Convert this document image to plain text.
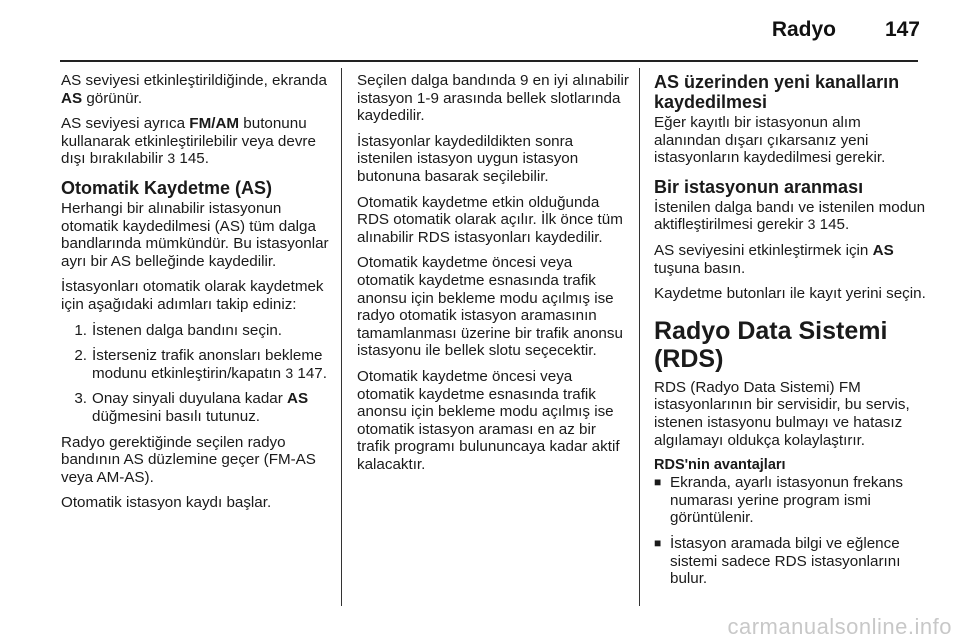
Radyo 147

AS seviyesi etkinleştirildiğinde, ekranda AS görünür.

AS seviyesi ayrıca FM/AM butonunu kullanarak etkinleştirilebilir veya devre dışı bırakılabilir 3 145.

Otomatik Kaydetme (AS)

Herhangi bir alınabilir istasyonun otomatik kaydedilmesi (AS) tüm dalga bandlarında mümkündür. Bu istasyonlar ayrı bir AS belleğinde kaydedilir.

İstasyonları otomatik olarak kaydetmek için aşağıdaki adımları takip ediniz:

1. İstenen dalga bandını seçin.
2. İsterseniz trafik anonsları bekleme modunu etkinleştirin/kapatın 3 147.
3. Onay sinyali duyulana kadar AS düğmesini basılı tutunuz.

Radyo gerektiğinde seçilen radyo bandının AS düzlemine geçer (FM-AS veya AM-AS).

Otomatik istasyon kaydı başlar.

Seçilen dalga bandında 9 en iyi alınabilir istasyon 1-9 arasında bellek slotlarında kaydedilir.

İstasyonlar kaydedildikten sonra istenilen istasyon uygun istasyon butonuna basarak seçilebilir.

Otomatik kaydetme etkin olduğunda RDS otomatik olarak açılır. İlk önce tüm alınabilir RDS istasyonları kaydedilir.

Otomatik kaydetme öncesi veya otomatik kaydetme esnasında trafik anonsu için bekleme modu açılmış ise radyo otomatik istasyon aramasının tamamlanması üzerine bir trafik anonsu istasyonu ile bellek slotu seçecektir.

Otomatik kaydetme öncesi veya otomatik kaydetme esnasında trafik anonsu için bekleme modu açılmış ise otomatik istasyon araması en az bir trafik programı bulununcaya kadar aktif kalacaktır.

AS üzerinden yeni kanalların kaydedilmesi

Eğer kayıtlı bir istasyonun alım alanından dışarı çıkarsanız yeni istasyonların kaydedilmesi gerekir.

Bir istasyonun aranması

İstenilen dalga bandı ve istenilen modun aktifleştirilmesi gerekir 3 145.

AS seviyesini etkinleştirmek için AS tuşuna basın.

Kaydetme butonları ile kayıt yerini seçin.

Radyo Data Sistemi (RDS)

RDS (Radyo Data Sistemi) FM istasyonlarının bir servisidir, bu servis, istenen istasyonu bulmayı ve hatasız algılamayı oldukça kolaylaştırır.

RDS'nin avantajları
■ Ekranda, ayarlı istasyonun frekans numarası yerine program ismi görüntülenir.
■ İstasyon aramada bilgi ve eğlence sistemi sadece RDS istasyonlarını bulur.
carmanualsonline.info
